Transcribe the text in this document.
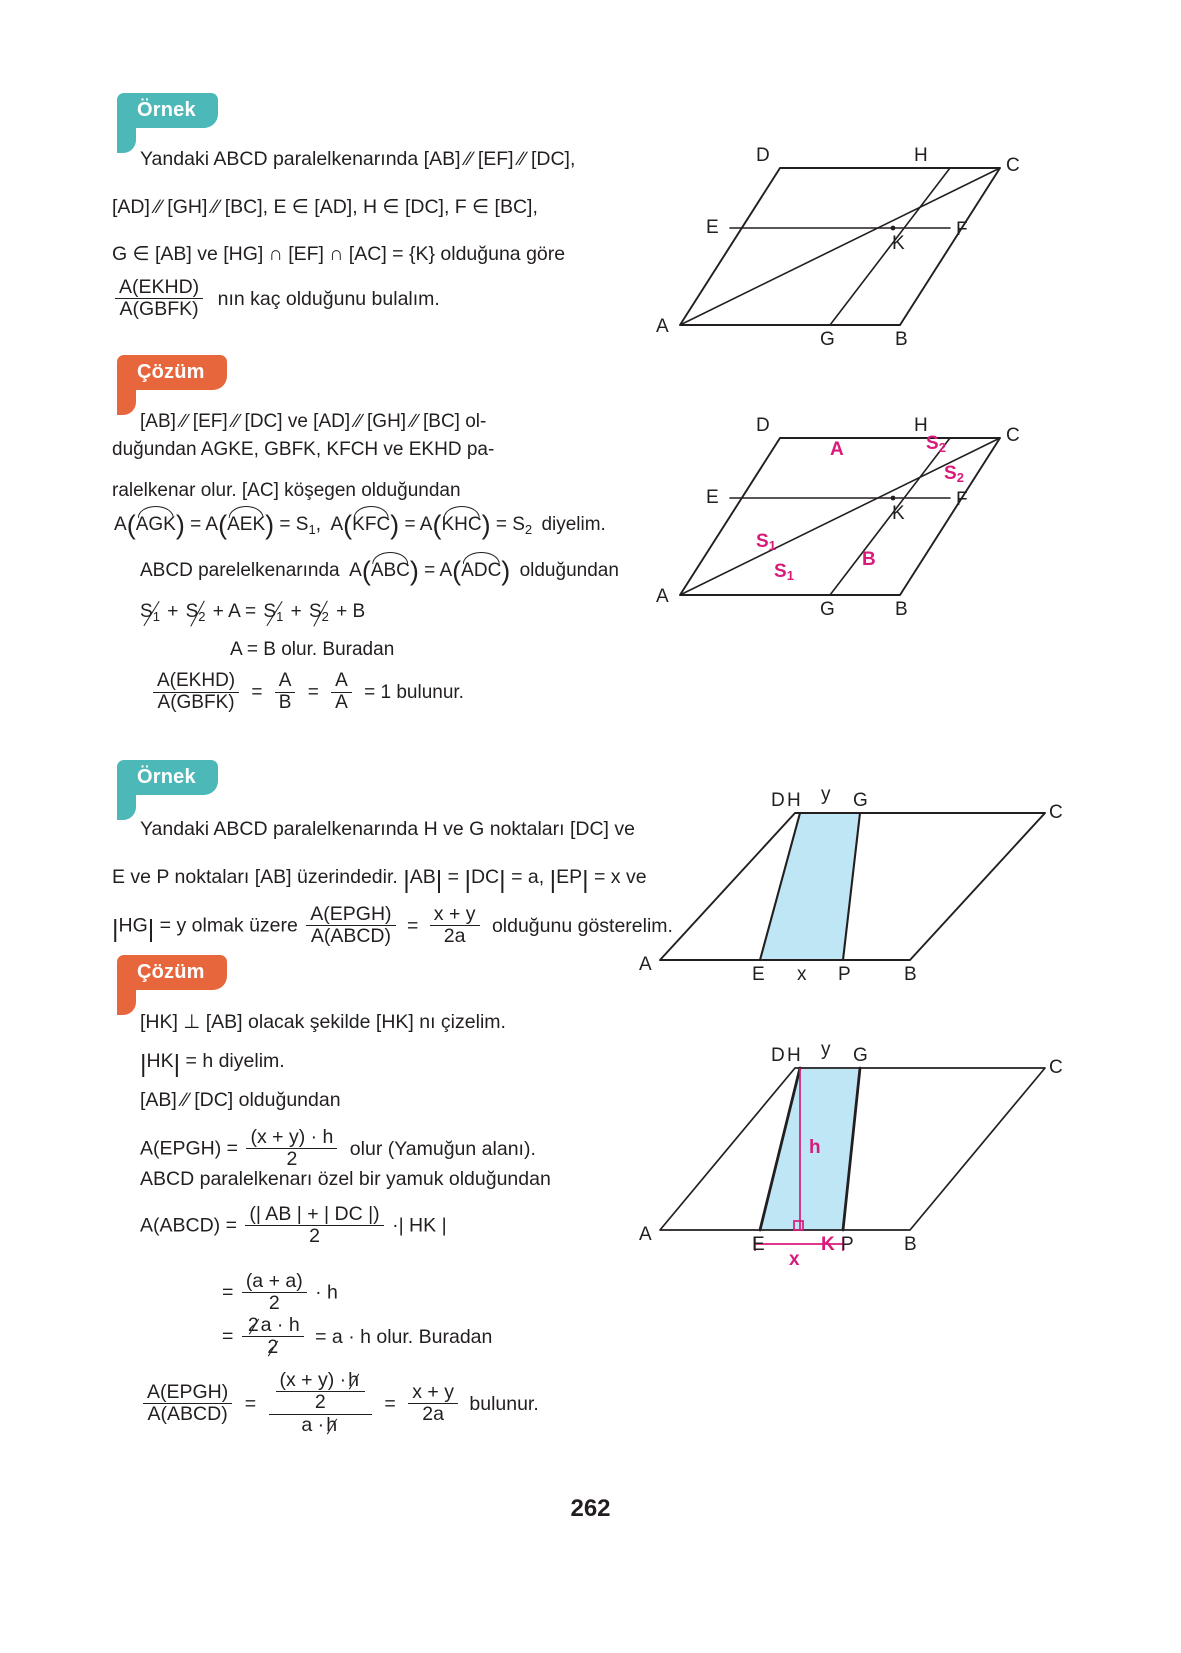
Örnek
Yandaki ABCD paralelkenarında [AB] ∕∕ [EF] ∕∕ [DC],
[AD] ∕∕ [GH] ∕∕ [BC], E ∈ [AD], H ∈ [DC], F ∈ [BC],
G ∈ [AB] ve [HG] ∩ [EF] ∩ [AC] = {K} olduğuna göre
$\frac{\text{A(EKHD)}}{\text{A(GBFK)}}$ nın kaç olduğunu bulalım.
D	H	C
E	F
K
A
G	B
Çözüm
[AB] ∕∕ [EF] ∕∕ [DC] ve [AD] ∕∕ [GH] ∕∕ [BC] ol-
duğundan AGKE, GBFK, KFCH ve EKHD pa-
ralelkenar olur. [AC] köşegen olduğundan
$A(AGK) = A(AEK) = S_1$,  $A(KFC) = A(KHC) = S_2$ diyelim.
ABCD parelelkenarında  A(ABC) = A(ADC) olduğundan
$S_1 + S_2 + A = S_1 + S_2 + B$
A = B olur. Buradan
$\frac{\text{A(EKHD)}}{\text{A(GBFK)}} = \frac{A}{B} = \frac{A}{A} = 1$ bulunur.
D	H	C
E	F
K
A
G	B
A	S2
S2
S1
S1
B
Örnek
Yandaki ABCD paralelkenarında H ve G noktaları [DC] ve
E ve P noktaları [AB] üzerindedir. |AB| = |DC| = a, |EP| = x ve
|HG| = y olmak üzere $\frac{\text{A(EPGH)}}{\text{A(ABCD)}} = \frac{x + y}{2a}$ olduğunu gösterelim.
D H y G
C
A	E x P	B
Çözüm
[HK] ⊥ [AB] olacak şekilde [HK] nı çizelim.
|HK| = h diyelim.
[AB] ∕∕ [DC] olduğundan
A(EPGH) = $\frac{(x + y) \cdot h}{2}$ olur (Yamuğun alanı).
ABCD paralelkenarı özel bir yamuk olduğundan
A(ABCD) = $\frac{(| AB | + | DC |)}{2}$ ·| HK |
= $\frac{(a + a)}{2} \cdot h$
= $\frac{2 a \cdot h}{2} = a \cdot h$ olur. Buradan
$\frac{\text{A(EPGH)}}{\text{A(ABCD)}} = \frac{\frac{(x + y) \cdot h}{2}}{a \cdot h} = \frac{x + y}{2a}$ bulunur.
D H y G
C
h
A	E
x
K P	B
262
